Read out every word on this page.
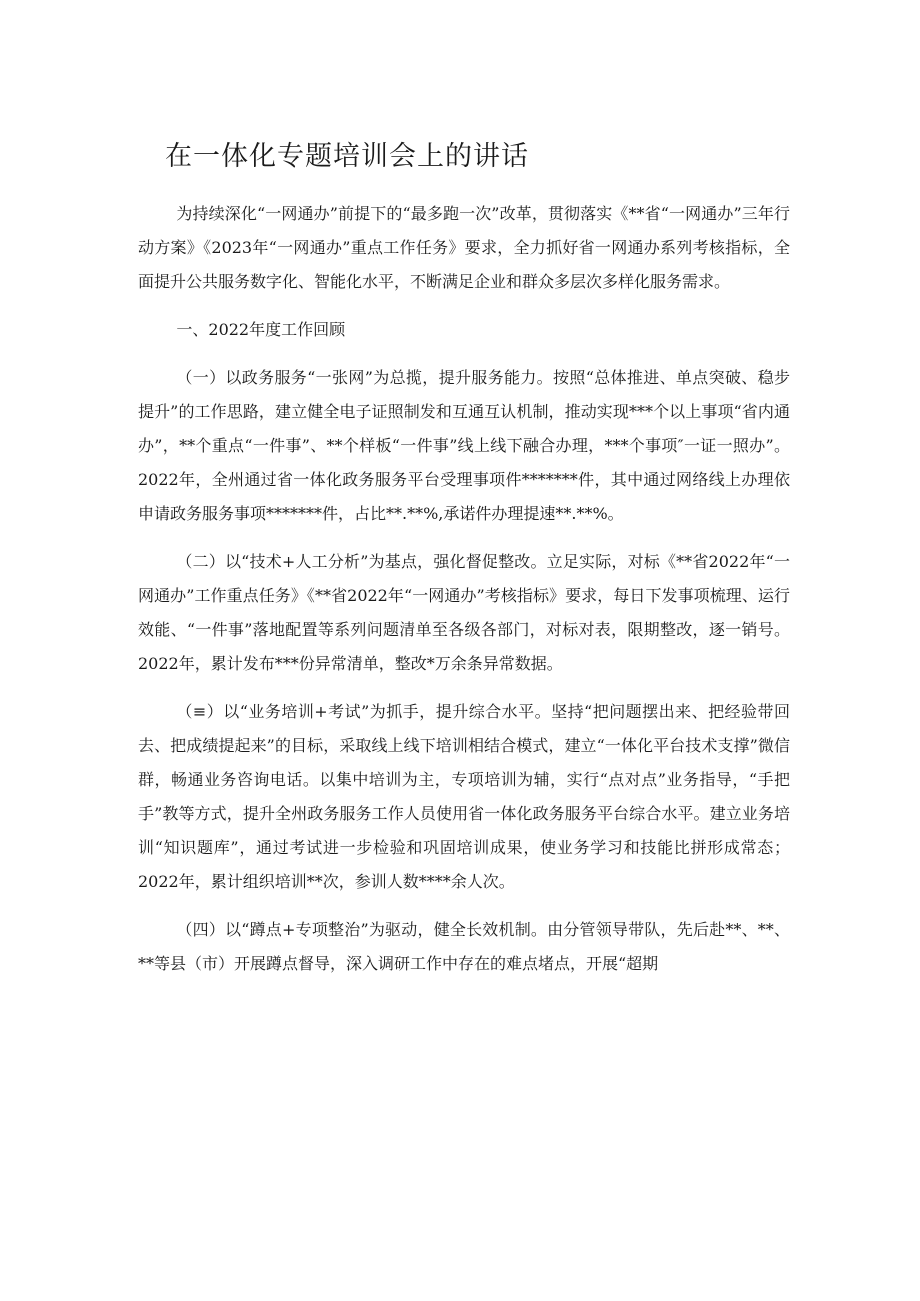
在一体化专题培训会上的讲话

为持续深化“一网通办”前提下的“最多跑一次”改革，贯彻落实《**省“一网通办”三年行动方案》《2023年“一网通办”重点工作任务》要求，全力抓好省一网通办系列考核指标，全面提升公共服务数字化、智能化水平，不断满足企业和群众多层次多样化服务需求。

一、2022年度工作回顾

（一）以政务服务“一张网”为总揽，提升服务能力。按照“总体推进、单点突破、稳步提升”的工作思路，建立健全电子证照制发和互通互认机制，推动实现***个以上事项“省内通办”，**个重点“一件事”、**个样板“一件事”线上线下融合办理，***个事项″一证一照办”。2022年，全州通过省一体化政务服务平台受理事项件*******件，其中通过网络线上办理依申请政务服务事项*******件，占比**.**%,承诺件办理提速**.**%。

（二）以“技术+人工分析”为基点，强化督促整改。立足实际，对标《**省2022年“一网通办”工作重点任务》《**省2022年“一网通办”考核指标》要求，每日下发事项梳理、运行效能、“一件事”落地配置等系列问题清单至各级各部门，对标对表，限期整改，逐一销号。2022年，累计发布***份异常清单，整改*万余条异常数据。

（≡）以“业务培训+考试”为抓手，提升综合水平。坚持“把问题摆出来、把经验带回去、把成绩提起来”的目标，采取线上线下培训相结合模式，建立“一体化平台技术支撑”微信群，畅通业务咨询电话。以集中培训为主，专项培训为辅，实行“点对点”业务指导，“手把手”教等方式，提升全州政务服务工作人员使用省一体化政务服务平台综合水平。建立业务培训“知识题库”，通过考试进一步检验和巩固培训成果，使业务学习和技能比拼形成常态；2022年，累计组织培训**次，参训人数****余人次。

（四）以“蹲点+专项整治”为驱动，健全长效机制。由分管领导带队，先后赴**、**、**等县（市）开展蹲点督导，深入调研工作中存在的难点堵点，开展“超期
